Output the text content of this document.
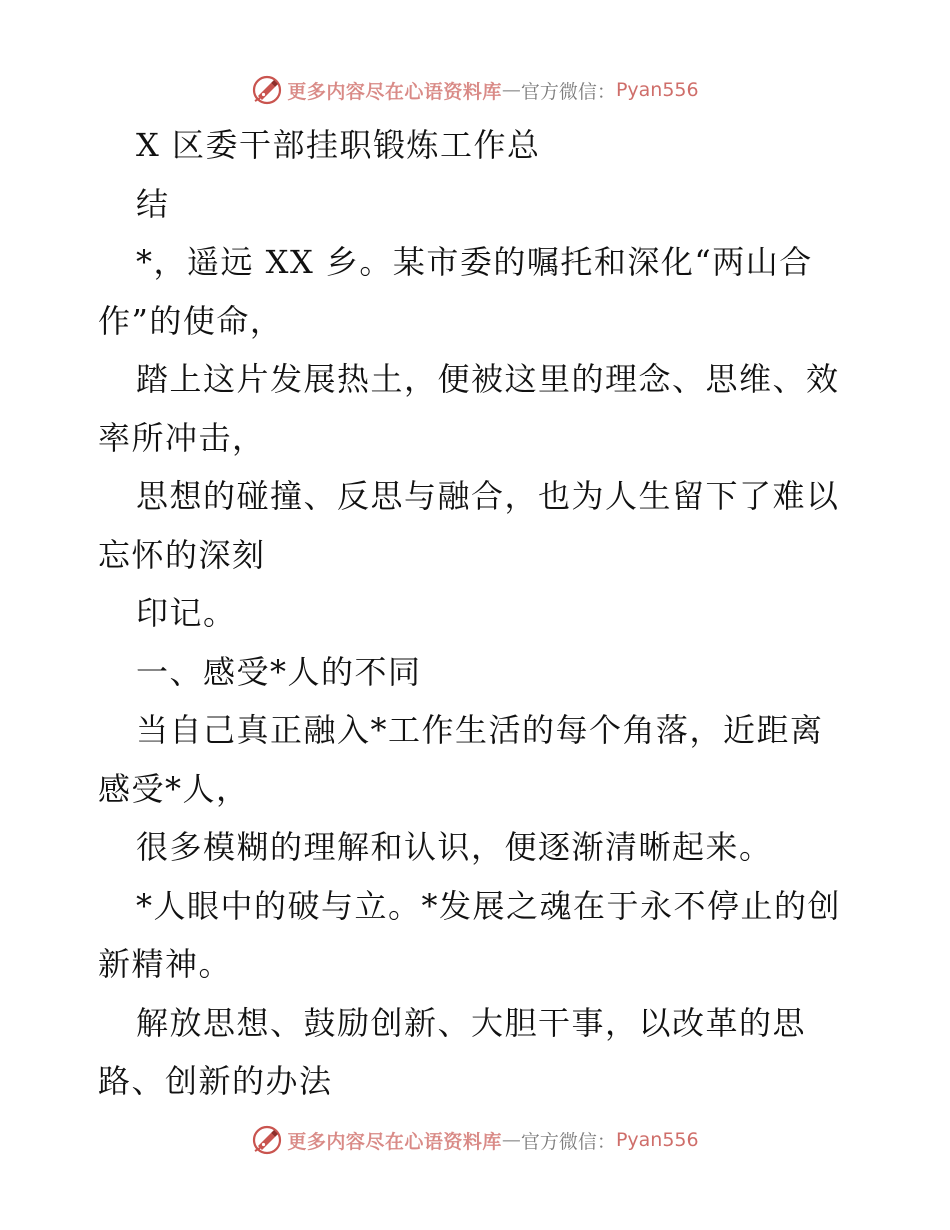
更多内容尽在心语资料库 — 官方微信： Pyan556
X 区委干部挂职锻炼工作总
结
*，遥远 XX 乡。某市委的嘱托和深化“两山合
作”的使命，
踏上这片发展热土，便被这里的理念、思维、效
率所冲击，
思想的碰撞、反思与融合，也为人生留下了难以
忘怀的深刻
印记。
一、感受*人的不同
当自己真正融入*工作生活的每个角落，近距离
感受*人，
很多模糊的理解和认识，便逐渐清晰起来。
*人眼中的破与立。*发展之魂在于永不停止的创
新精神。
解放思想、鼓励创新、大胆干事，以改革的思
路、创新的办法
更多内容尽在心语资料库 — 官方微信： Pyan556
